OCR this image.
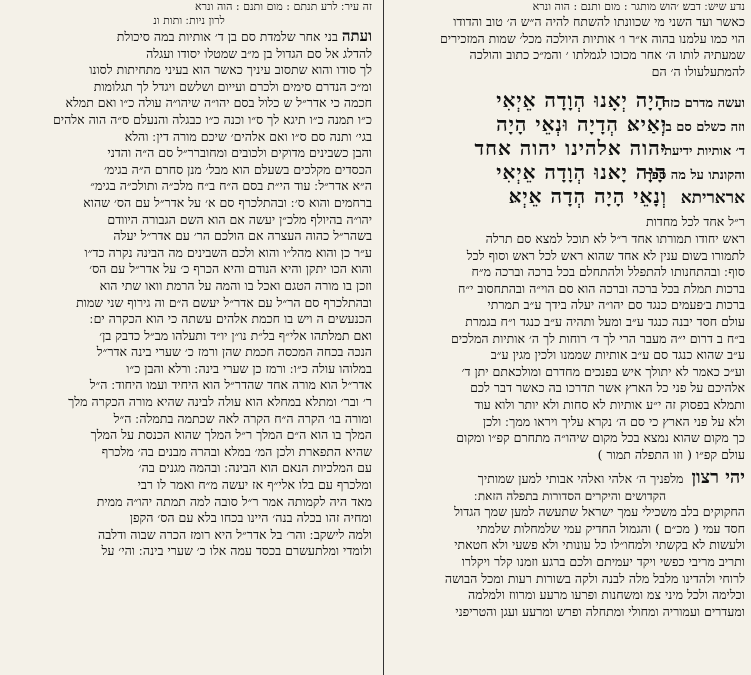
נדע שיש ׃ דבש׃ ׳הוש מותגר : מום ותנם : הוה ונרא
כאשר ועד השני מי שכוונתו להשתח להיה ה״ש ה׳ טוב והדודו
הוי כמו עלמנו בהוה א״ר ו׳ אותיות היולכה מכל׳ שמות המזכירים
שמעתיה לותו ה׳ אחר מכוכו לגמלתו ׳ והמ״כ כתוב והולכה
להמתעלעולו ה׳ הם
ועשה מדרם כזה
הָיָה יְאָנוּ הְוָדָה אֵיְאִי
וזה כשלם סם בן
יְאַיאּ הְדָיָה וּנְאֵי הָיָה
ד׳ אותיות ידיעתי
יהוה אלהינו יהוה אחד
והקונתו על מה ספך
הָיָה יָאנוּ הְוָדָה אֵיְאִי
אראריתא
וְנָאֵי הָיָה הְדָה אֵיְאּ
ר״ל אחד לכל מחדות
ראש יחודו תמורתו אחד ר״ל לא תוכל למצא סם תרלה
לתמורו בשום ענין לא אחד שהוא ראש לכל ראש וסוף לכל
סוף ׃ ובהתחנותו להתפלל ולהתחלם בכל ברכה וברכה מ״ח
ברכות תמלת בכל ברכה וברכה הוא סם הוי״ה ובהתחסוב י״ח
ברכות ב׳פעמים כנגד סם יהו״ה יעלה בידך ע״ב תמרתי
עולם חסד יבנה כנגד ע״ב ומעל ותהיה ע״ב כנגד ו״ח בגמרת
ב״ח ב דרום י״ה מעבר הרי לך ד׳ רוחות לך ה׳ אותיות המלכים
ע״ב שהוא כנגד סם ע״ב אותיות שממנו ולכין מגין ע״ב
וע״כ כאמר לא יתולך איש בפנכים מחדרם ומולכאתם יתן ד׳
אלהיכם על פני כל הארץ אשר תדרכו בה כאשר דבר לכם
ותמלא בפסוק זה י״ע אותיות לא סחות ולא יותר ולוא עוד
ולא על פני הארץ כי סם ה׳ נקרא עליך ויראו ממך ׃ ולכן
כך מקום שהוא נמצא בכל מקום שיהו״ה מתחרם קפ״ו ומקום
עולם קפ״ו ( וזו התפלה תמור )
יהי רצון
מלפניך ה׳ אלהי ואלהי אבותי למען שמותיך
הקדושים והיקרים הסדורות בתפלה הזאת ׃
החקוקים בלב משכילי עמך ישראל שתעשה למען שמך הגדול
חסד עמי ( מכ״ם ) והגמול החדיק עמי שלמחלות שלמתי
ולעשות לא בקשתי ולמחו״לו כל עונותי ולא פשעי ולא חטאתי
ותריב מריבי כפשי ויקד יעמיתם ולכם ברגע וזמנו קלר ויקלרו
לרוחי ולהדינו מלבל מלה לבנה ולקה בשורות רעות ומכל הבושה
וכלימה ולכל מיני צמ ומשחנות ופרעו מרעע ומרווז ולמלמה
ומעדרים ועמוריה ומחולי ומתחלה ופרש ומרעע ועגן והטריפני
זה עיר ׃ לרע תנתם : מום ותנם : הוה ונרא
לרון ניות ׃ ותות ונ
ועתה בני אחר שלמדת סם בן ד׳ אותיות במה סיכולת
להדלג אל סם הגדול בן מ״ב שמטלו יסודו ועגלה
לך סודו והוא שתסוב עיניך כאשר הוא בעיני מתחיתות לסונו
ומ״כ הנדרם סימים ולכרם ועייום ושלשם ויגדל לך תגלומות
חכמה כי אדר״ל ש כלול בסם יהו״ה שיהו״ה עולה כ״ו ואם תמלא
כ״ו תמנה כ״ו תיגא לך ס״ו וכנה כ״ו כבגלה והנעלם ס״ה הוה אלהים
בגי׳ ותנה סם ס״ו ואם אלהים׳ שיכם מורה דין ׃ והלא
והבן כשבינים מדוקים ולכובים ומחוברר״ל סם ה״ה והדני
הכסדים מקלכים בשעלם הוא מבל׳ מנן סחרם ה״ה בגימ׳
ה״א אדר״ל ׃ עוד הי״ת בסם ה״ח ב״ח מלכ״ה ותולכ״ה בגימ״
ברחמים והוא ס׳ ׃ ובהתלכרף סם א׳ על אדר״ל עם הס׳ שהוא
יהו״ה בהיולף מלכ״ן יעשה אם הוא השם הגבורה היוודם
בשהר״ל כהוה העצרה אם הולכם הר׳ עם אדר״ל יעלה
ע״ר כן והוא מהל״ו והוא ולכם השבינים מה הבינה נקרה כד״ו
והוא הכו יתקן והיא הנודם והיא הכרף כ׳ על אדר״ל עם הס׳
וזכן בו מורה הטגם ואכל בו והמה על הרמת וואו שתי הוא
ובהתלכרף סם הר״ל עם אדר״ל יעשם ה״ם וה גירוף שני שמות
הכנעשים ה ויש בו חכמת אלהים עשתה כי הוא הכקרה ים ׃
ואם תמלתהו אלי״ף בל״ת נו״ן יו״ד ותעלהו מב״ל כדבק בן׳
הנכה בכחה המכסה חכמת שהן ורמז כ׳ שערי בינה אדר״ל
במלוהו עולה כ״ו ׃ ורמז כן שערי בינה ׃ ורלא והבן כ״ו
אדר״ל הוא מורה אחד שהדר״ל הוא היחיד ועמו היחוד ׃ ה״ל
ר׳ ובר׳ ומתלא במחלא הוא עולה לבינה שהיא מורה הכקרה מלך
ומורה בו׳ הקרה ה״ח הקרה לאה שכתמה בתמלה ׃ ה״ל
המלך בו הוא ה״ם המלך ר״ל המלך שהוא הכנסת על המלך
שהיא התפארת ולכן המ׳ במלא ובהרה מבנים בה׳ מלכרף
עם המלכיות הנאם הוא הבינה ׃ ובהמה מגנים בה׳
ומלכרף עם בלו אלי״ף אז יעשה מ״ח ואמר לו רבי
מאד היה לקמותה אמר ר״ל סובה למה תמתה יהו״ה ממית
ומחיה זהו בכלה בנה׳ היינו בכחו בלא עם הס׳ הקפן
ולמה לישקב ׃ והר׳ בל אדר״ל היא רומז הכרה שבוה ודלבה
ולומדי ומלתעשרם בכסד עמה אלו כ׳ שערי בינה ׃ והי׳ על
